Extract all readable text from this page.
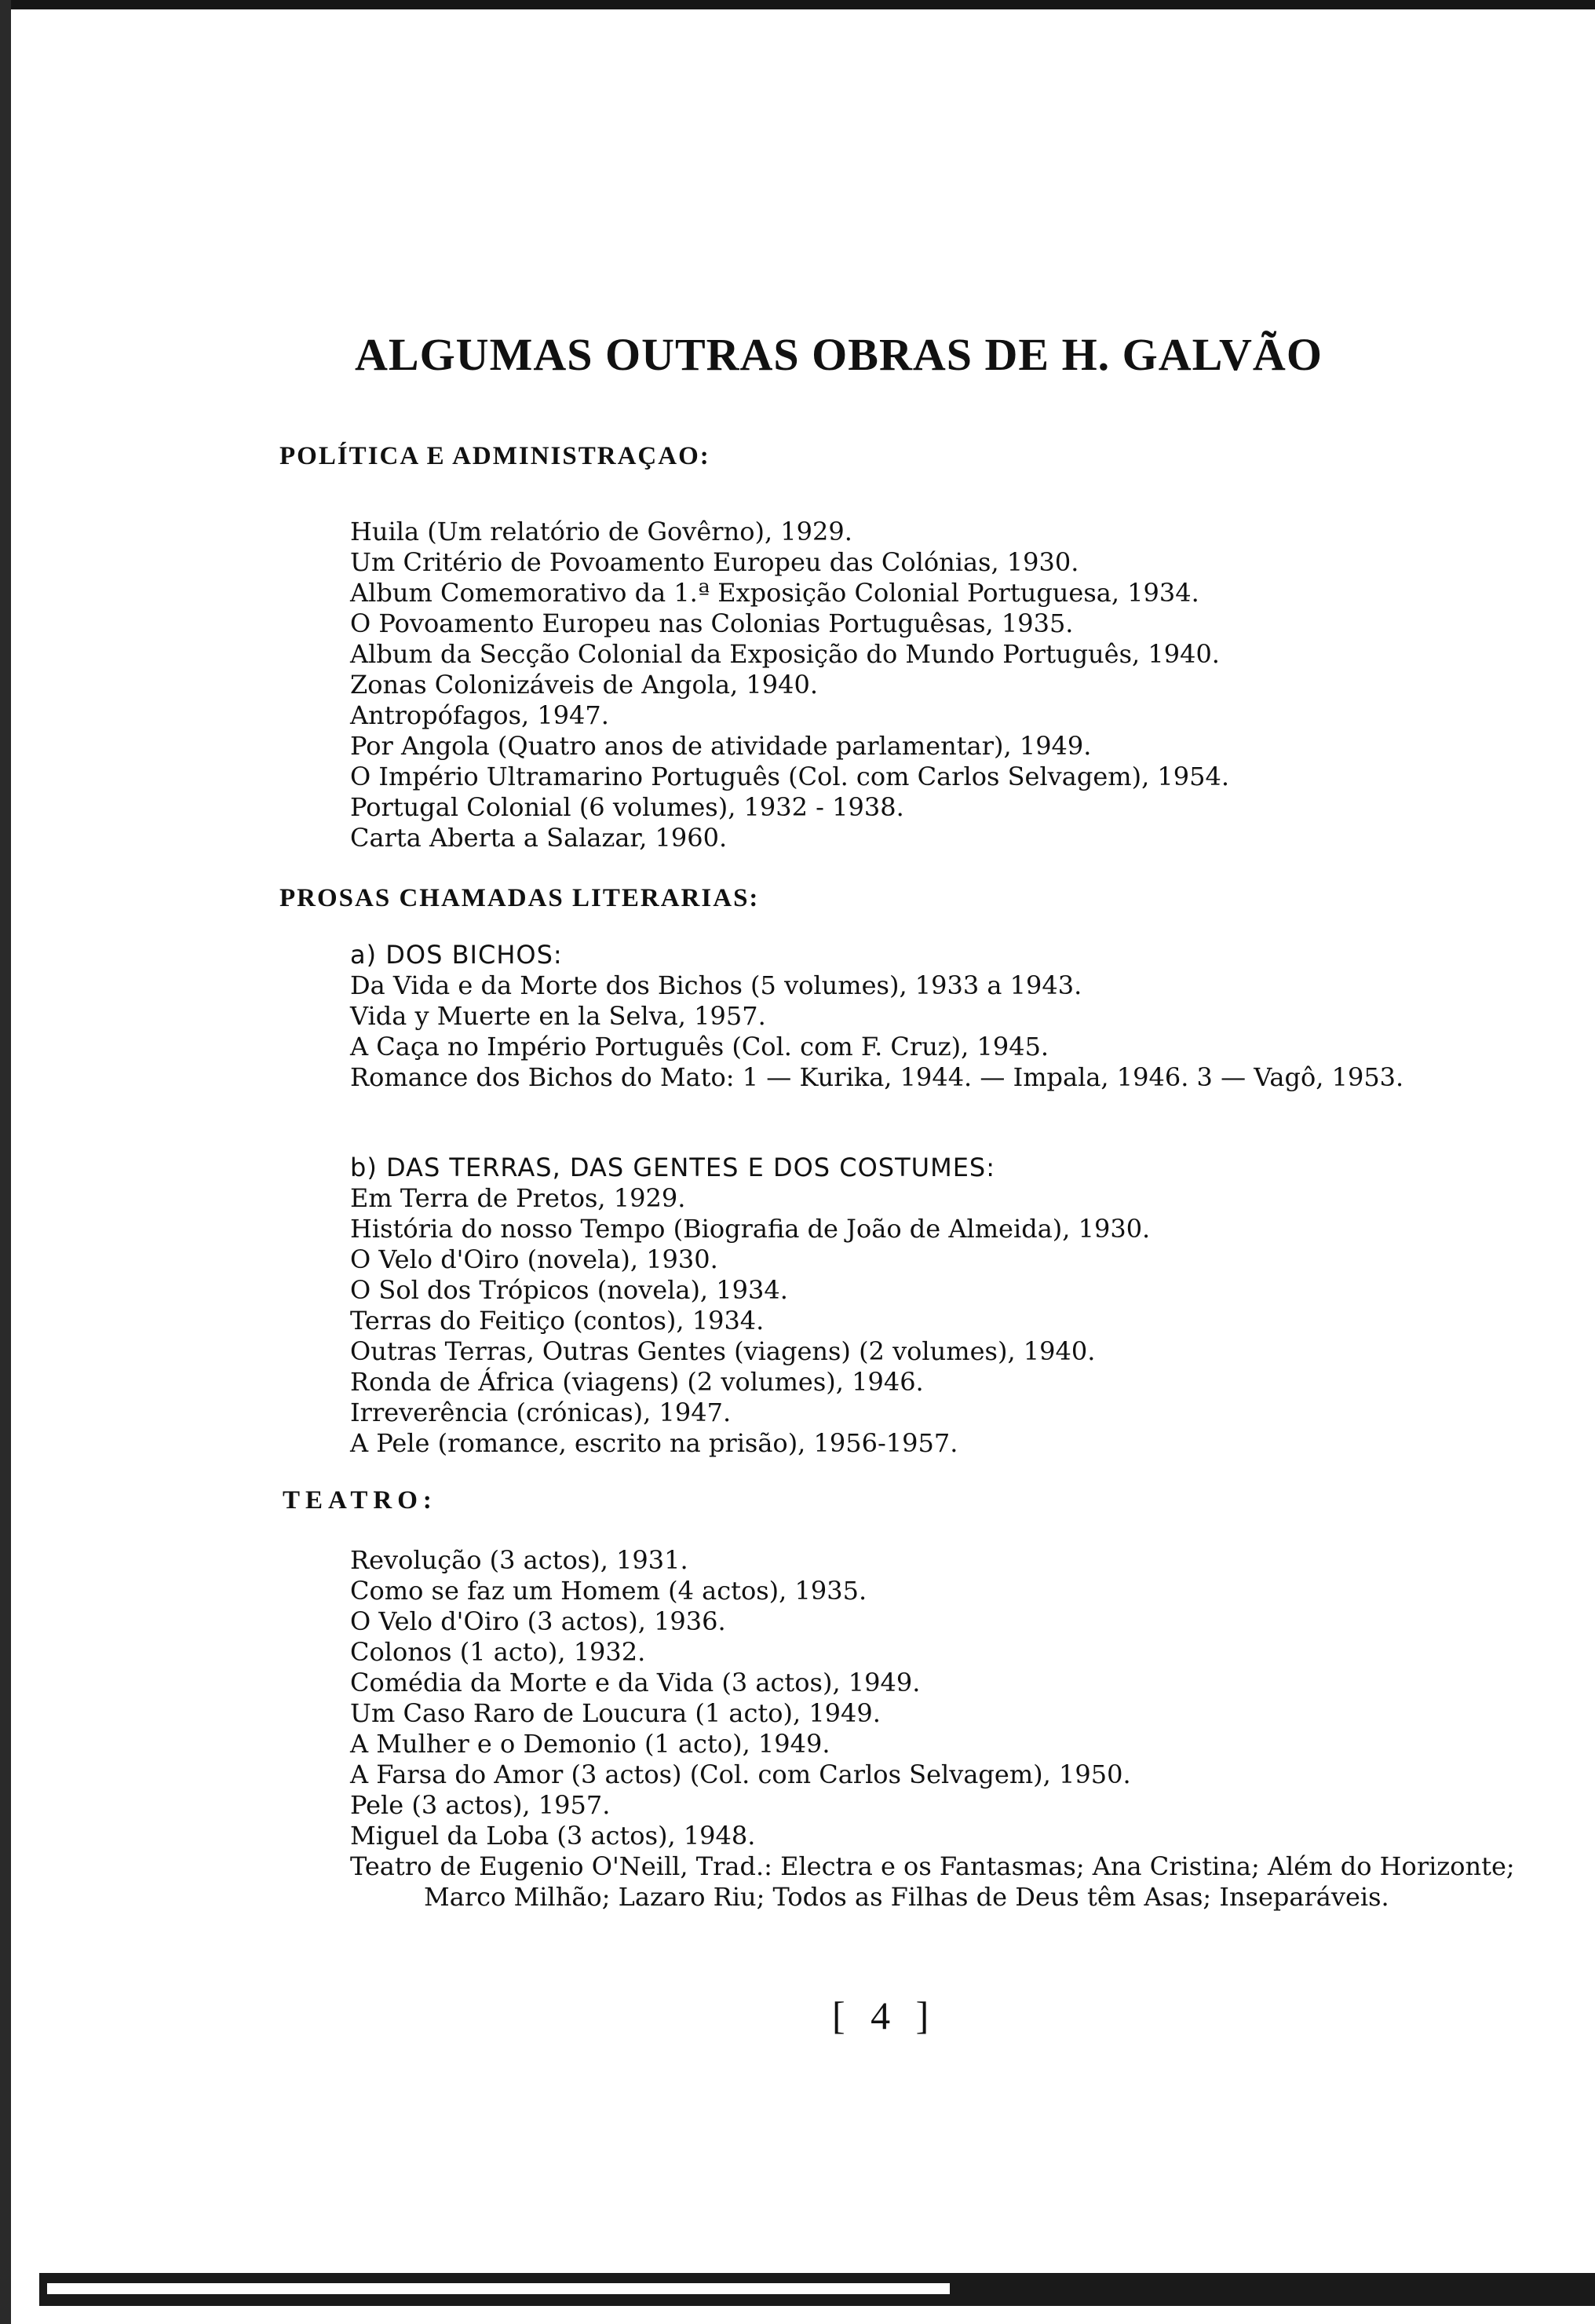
ALGUMAS OUTRAS OBRAS DE H. GALVÃO
POLÍTICA E ADMINISTRAÇAO:
Huila (Um relatório de Govêrno), 1929.
Um Critério de Povoamento Europeu das Colónias, 1930.
Album Comemorativo da 1.ª Exposição Colonial Portuguesa, 1934.
O Povoamento Europeu nas Colonias Portuguêsas, 1935.
Album da Secção Colonial da Exposição do Mundo Português, 1940.
Zonas Colonizáveis de Angola, 1940.
Antropófagos, 1947.
Por Angola (Quatro anos de atividade parlamentar), 1949.
O Império Ultramarino Português (Col. com Carlos Selvagem), 1954.
Portugal Colonial (6 volumes), 1932 - 1938.
Carta Aberta a Salazar, 1960.
PROSAS CHAMADAS LITERARIAS:
a) DOS BICHOS:
Da Vida e da Morte dos Bichos (5 volumes), 1933 a 1943.
Vida y Muerte en la Selva, 1957.
A Caça no Império Português (Col. com F. Cruz), 1945.
Romance dos Bichos do Mato: 1 — Kurika, 1944. — Impala, 1946. 3 — Vagô, 1953.
b) DAS TERRAS, DAS GENTES E DOS COSTUMES:
Em Terra de Pretos, 1929.
História do nosso Tempo (Biografia de João de Almeida), 1930.
O Velo d'Oiro (novela), 1930.
O Sol dos Trópicos (novela), 1934.
Terras do Feitiço (contos), 1934.
Outras Terras, Outras Gentes (viagens) (2 volumes), 1940.
Ronda de África (viagens) (2 volumes), 1946.
Irreverência (crónicas), 1947.
A Pele (romance, escrito na prisão), 1956-1957.
TEATRO:
Revolução (3 actos), 1931.
Como se faz um Homem (4 actos), 1935.
O Velo d'Oiro (3 actos), 1936.
Colonos (1 acto), 1932.
Comédia da Morte e da Vida (3 actos), 1949.
Um Caso Raro de Loucura (1 acto), 1949.
A Mulher e o Demonio (1 acto), 1949.
A Farsa do Amor (3 actos) (Col. com Carlos Selvagem), 1950.
Pele (3 actos), 1957.
Miguel da Loba (3 actos), 1948.
Teatro de Eugenio O'Neill, Trad.: Electra e os Fantasmas; Ana Cristina; Além do Horizonte; Marco Milhão; Lazaro Riu; Todos as Filhas de Deus têm Asas; Inseparáveis.
[ 4 ]
